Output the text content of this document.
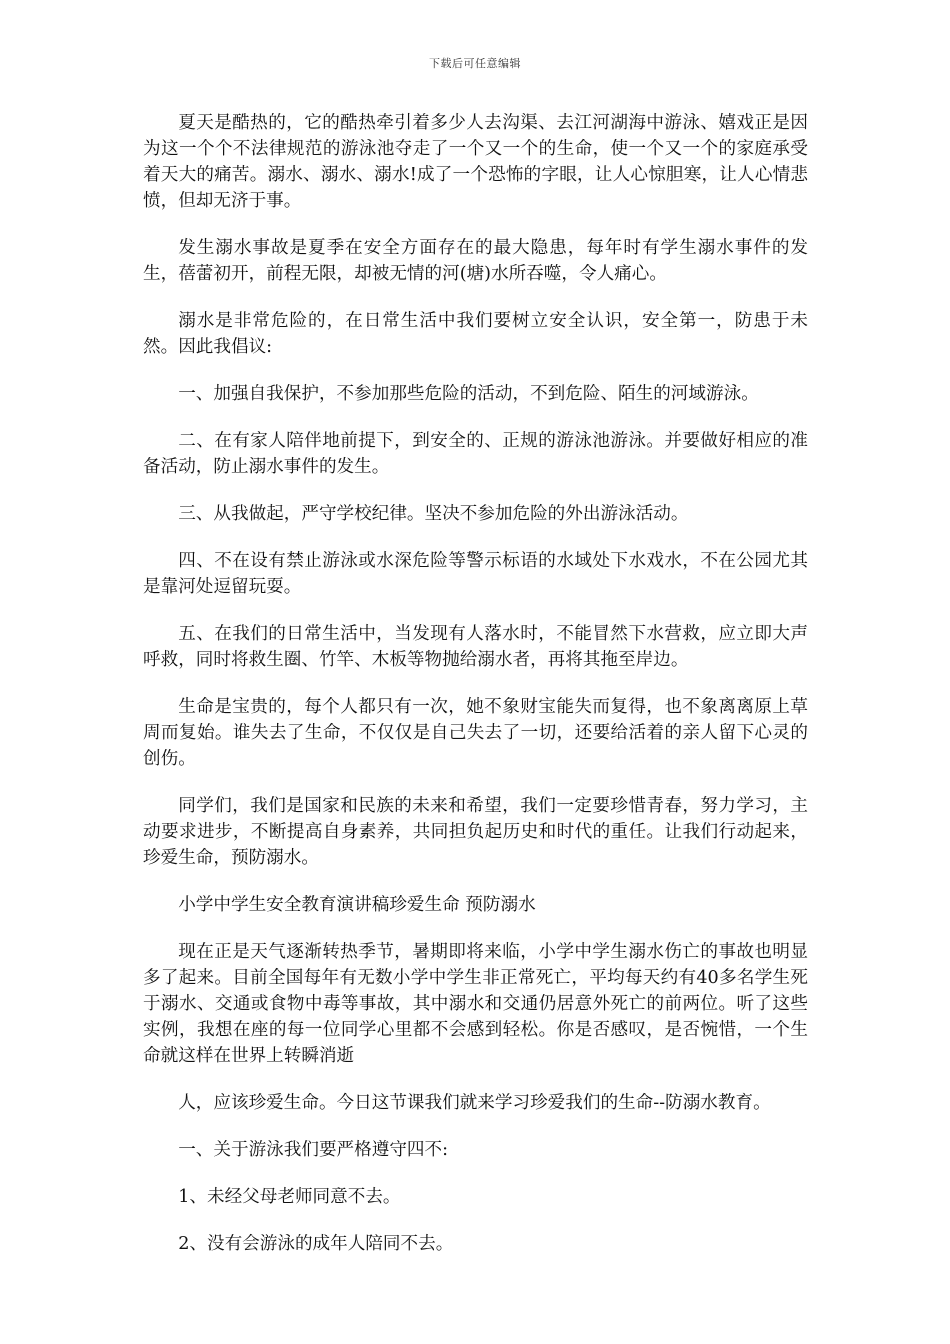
下载后可任意编辑

夏天是酷热的，它的酷热牵引着多少人去沟渠、去江河湖海中游泳、嬉戏正是因为这一个个不法律规范的游泳池夺走了一个又一个的生命，使一个又一个的家庭承受着天大的痛苦。溺水、溺水、溺水!成了一个恐怖的字眼，让人心惊胆寒，让人心情悲愤，但却无济于事。

发生溺水事故是夏季在安全方面存在的最大隐患，每年时有学生溺水事件的发生，蓓蕾初开，前程无限，却被无情的河(塘)水所吞噬，令人痛心。

溺水是非常危险的，在日常生活中我们要树立安全认识，安全第一，防患于未然。因此我倡议:

一、加强自我保护，不参加那些危险的活动，不到危险、陌生的河域游泳。

二、在有家人陪伴地前提下，到安全的、正规的游泳池游泳。并要做好相应的准备活动，防止溺水事件的发生。

三、从我做起，严守学校纪律。坚决不参加危险的外出游泳活动。

四、不在设有禁止游泳或水深危险等警示标语的水域处下水戏水，不在公园尤其是靠河处逗留玩耍。

五、在我们的日常生活中，当发现有人落水时，不能冒然下水营救，应立即大声呼救，同时将救生圈、竹竿、木板等物抛给溺水者，再将其拖至岸边。

生命是宝贵的，每个人都只有一次，她不象财宝能失而复得，也不象离离原上草周而复始。谁失去了生命，不仅仅是自己失去了一切，还要给活着的亲人留下心灵的创伤。

同学们，我们是国家和民族的未来和希望，我们一定要珍惜青春，努力学习，主动要求进步，不断提高自身素养，共同担负起历史和时代的重任。让我们行动起来，珍爱生命，预防溺水。

小学中学生安全教育演讲稿珍爱生命 预防溺水

现在正是天气逐渐转热季节，暑期即将来临，小学中学生溺水伤亡的事故也明显多了起来。目前全国每年有无数小学中学生非正常死亡，平均每天约有40多名学生死于溺水、交通或食物中毒等事故，其中溺水和交通仍居意外死亡的前两位。听了这些实例，我想在座的每一位同学心里都不会感到轻松。你是否感叹，是否惋惜，一个生命就这样在世界上转瞬消逝

人，应该珍爱生命。今日这节课我们就来学习珍爱我们的生命--防溺水教育。

一、关于游泳我们要严格遵守四不:

1、未经父母老师同意不去。

2、没有会游泳的成年人陪同不去。
